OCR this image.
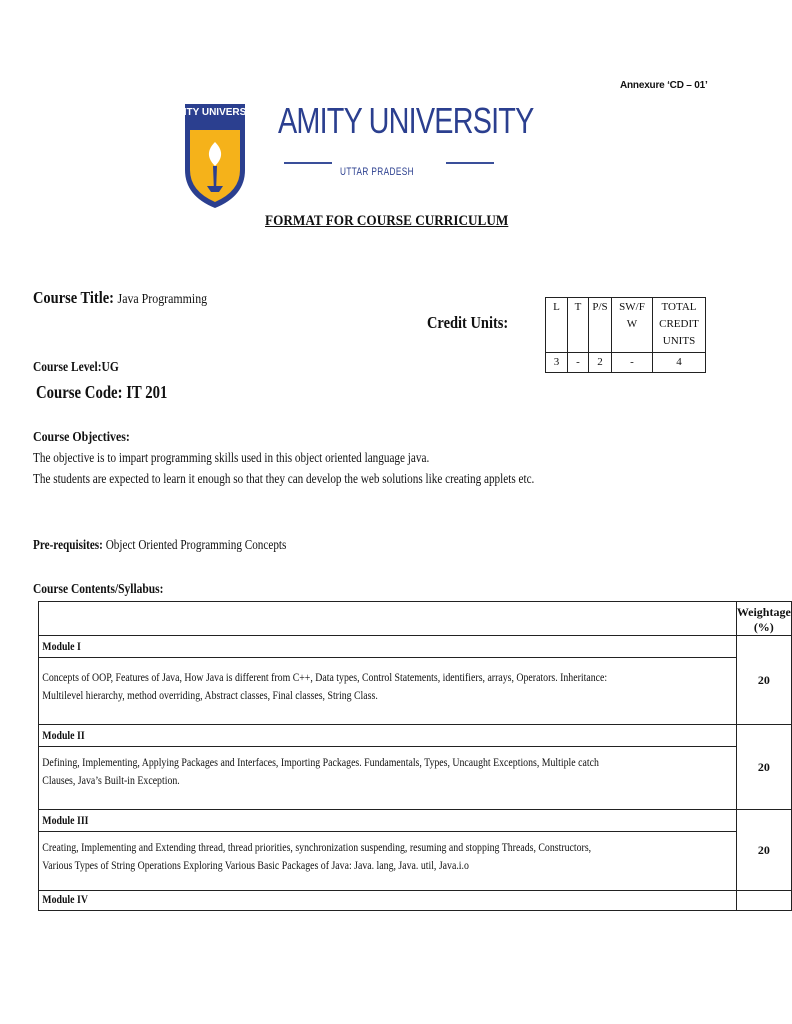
Annexure ‘CD – 01’
AMITY UNIVERSITY AMITY UNIVERSITY
UTTAR PRADESH
FORMAT FOR COURSE CURRICULUM
Course Title: Java Programming
Credit Units:
L	T	P/S	SW/F W	TOTAL CREDIT UNITS
3	-	2	-	4
Course Level:UG
Course Code: IT 201
Course Objectives:
The objective is to impart programming skills used in this object oriented language java.
The students are expected to learn it enough so that they can develop the web solutions like creating applets etc.
Pre-requisites: Object Oriented Programming Concepts
Course Contents/Syllabus:

	Weightage (%)

Module I	20

Concepts of OOP, Features of Java, How Java is different from C++, Data types, Control Statements, identifiers, arrays, Operators. Inheritance:
Multilevel hierarchy, method overriding, Abstract classes, Final classes, String Class.	

Module II	20

Defining, Implementing, Applying Packages and Interfaces, Importing Packages. Fundamentals, Types, Uncaught Exceptions, Multiple catch
Clauses, Java’s Built-in Exception.	

Module III	20

Creating, Implementing and Extending thread, thread priorities, synchronization suspending, resuming and stopping Threads, Constructors,
Various Types of String Operations Exploring Various Basic Packages of Java: Java. lang, Java. util, Java.i.o	

Module IV	
